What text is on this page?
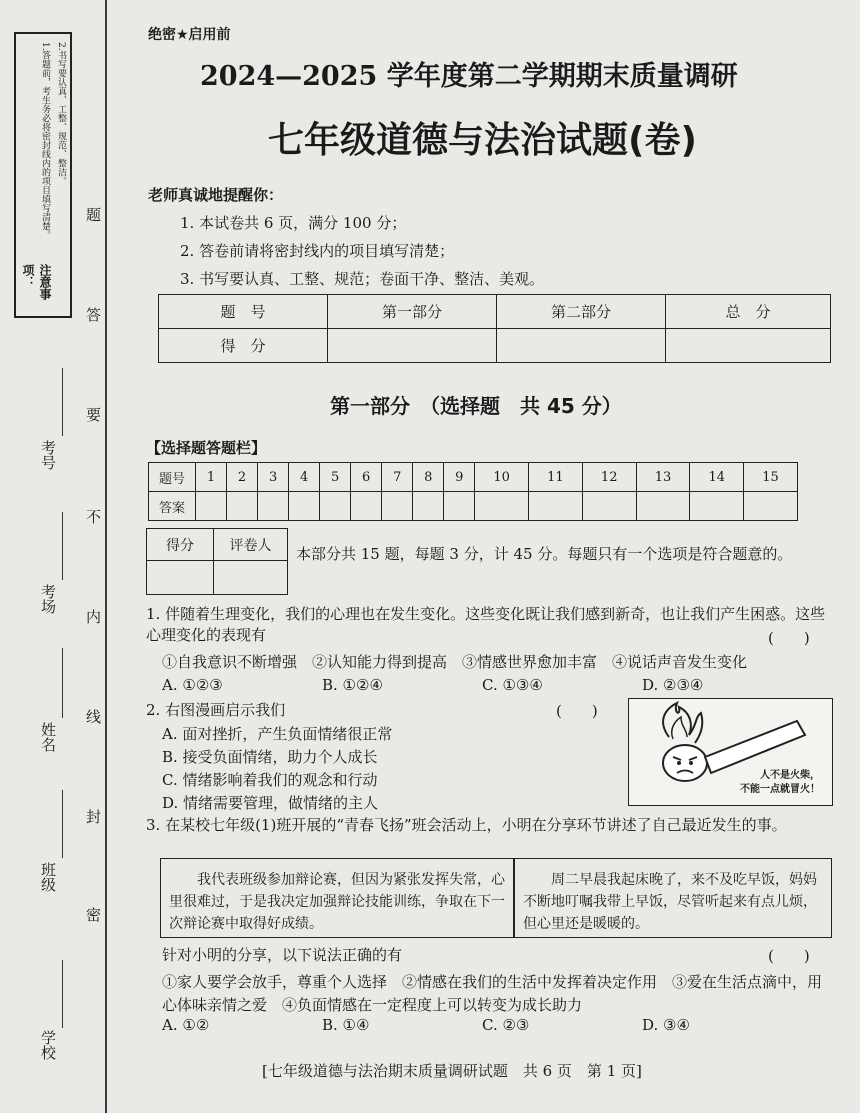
注意事项：
1.答题前，考生务必将密封线内的项目填写清楚。 2.书写要认真、工整、规范、整洁。
学校
班级
姓名
考场
考号
题
答
要
不
内
线
封
密
绝密★启用前
2024—2025 学年度第二学期期末质量调研
七年级道德与法治试题(卷)
老师真诚地提醒你：
1. 本试卷共 6 页，满分 100 分；
2. 答卷前请将密封线内的项目填写清楚；
3. 书写要认真、工整、规范；卷面干净、整洁、美观。
题　号	第一部分	第二部分	总　分
得　分			
第一部分　（选择题　共 45 分）
【选择题答题栏】
题号	1	2	3	4	5	6	7	8	9	10	11	12	13	14	15
答案															
得分	评卷人
	本部分共 15 题，每题 3 分，计 45 分。每题只有一个选项是符合题意的。
1. 伴随着生理变化，我们的心理也在发生变化。这些变化既让我们感到新奇，也让我们产生困惑。这些心理变化的表现有	(　　)
①自我意识不断增强　②认知能力得到提高　③情感世界愈加丰富　④说话声音发生变化
A. ①②③	B. ①②④	C. ①③④	D. ②③④
2. 右图漫画启示我们	(　　)
A. 面对挫折，产生负面情绪很正常
B. 接受负面情绪，助力个人成长
C. 情绪影响着我们的观念和行动
D. 情绪需要管理，做情绪的主人
人不是火柴，
不能一点就冒火！
3. 在某校七年级(1)班开展的“青春飞扬”班会活动上，小明在分享环节讲述了自己最近发生的事。
我代表班级参加辩论赛，但因为紧张发挥失常，心里很难过，于是我决定加强辩论技能训练，争取在下一次辩论赛中取得好成绩。
周二早晨我起床晚了，来不及吃早饭，妈妈不断地叮嘱我带上早饭，尽管听起来有点儿烦，但心里还是暖暖的。
针对小明的分享，以下说法正确的有	(　　)
①家人要学会放手，尊重个人选择　②情感在我们的生活中发挥着决定作用　③爱在生活点滴中，用心体味亲情之爱　④负面情感在一定程度上可以转变为成长助力
A. ①②	B. ①④	C. ②③	D. ③④
[七年级道德与法治期末质量调研试题　共 6 页　第 1 页]
